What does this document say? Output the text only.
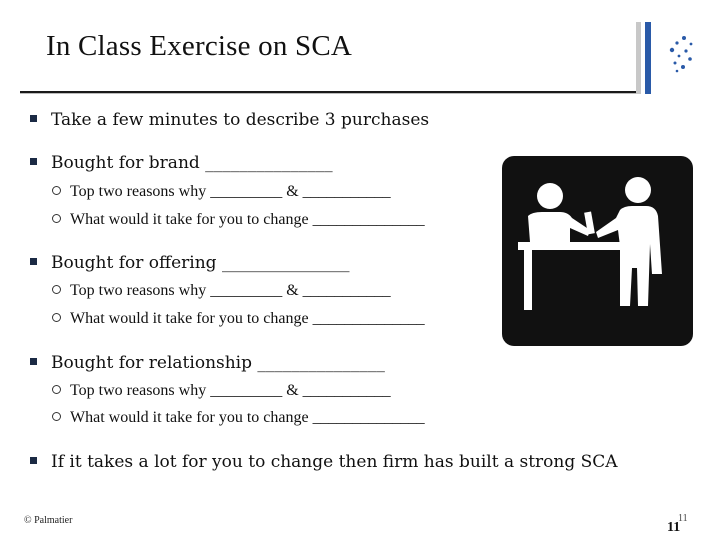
In Class Exercise on SCA
Take a few minutes to describe 3 purchases
Bought for brand _______________
Top two reasons why _________ & ___________
What would it take for you to change ______________
Bought for offering _______________
Top two reasons why _________ & ___________
What would it take for you to change ______________
Bought for relationship _______________
Top two reasons why _________ & ___________
What would it take for you to change ______________
If it takes a lot for you to change then firm has built a strong SCA
© Palmatier	11
11
